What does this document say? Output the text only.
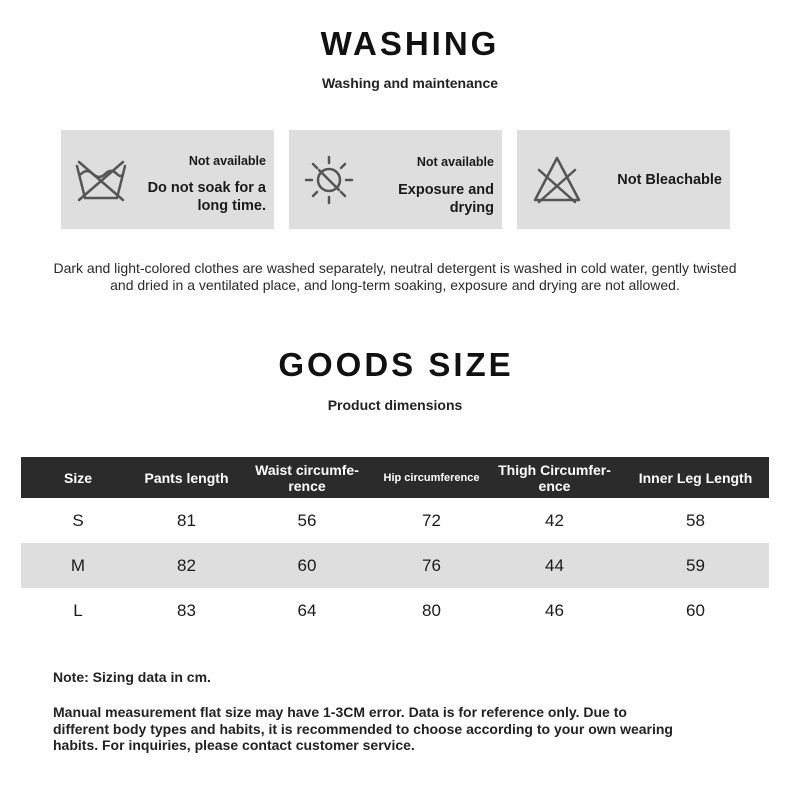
WASHING
Washing and maintenance
Not available
Do not soak for a
long time.
Not available
Exposure and
drying
Not Bleachable
Dark and light-colored clothes are washed separately, neutral detergent is washed in cold water, gently twisted
and dried in a ventilated place, and long-term soaking, exposure and drying are not allowed.
GOODS SIZE
Product dimensions
Size	Pants length	Waist circumfe-
rence	Hip circumference	Thigh Circumfer-
ence	Inner Leg Length
S	81	56	72	42	58
M	82	60	76	44	59
L	83	64	80	46	60
Note: Sizing data in cm.
Manual measurement flat size may have 1-3CM error. Data is for reference only. Due to
different body types and habits, it is recommended to choose according to your own wearing
habits. For inquiries, please contact customer service.
